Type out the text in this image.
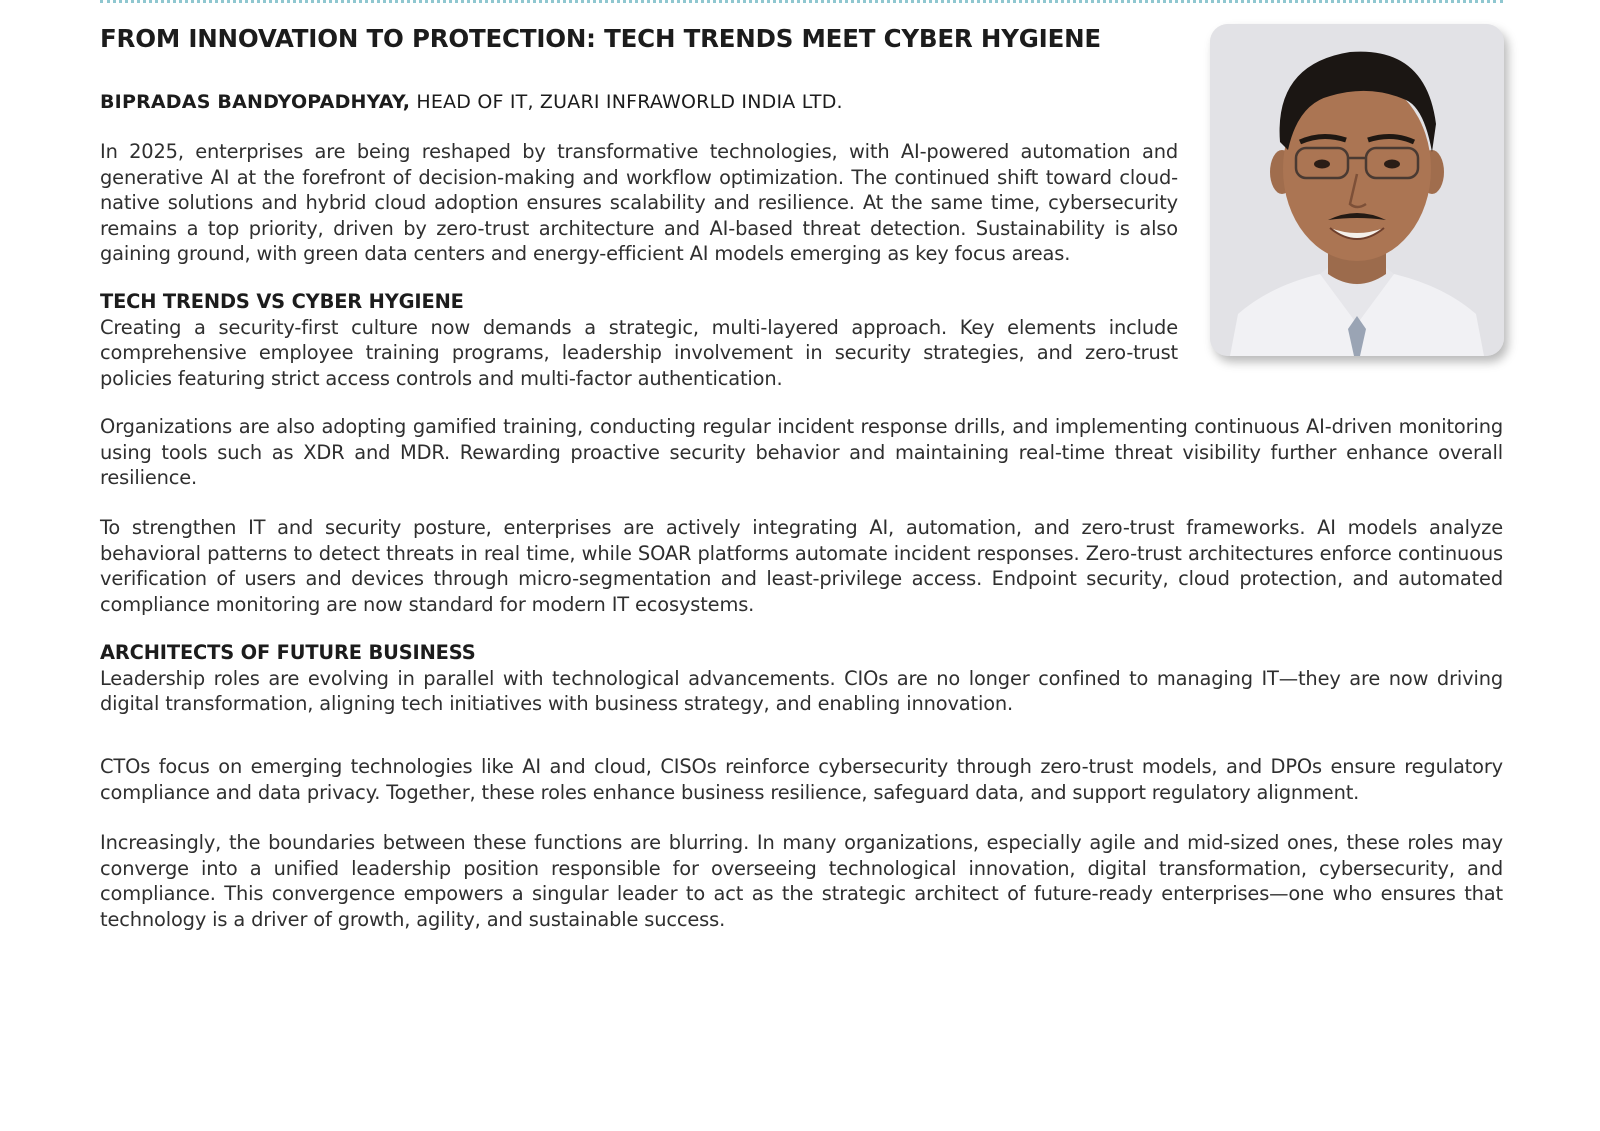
FROM INNOVATION TO PROTECTION: TECH TRENDS MEET CYBER HYGIENE

BIPRADAS BANDYOPADHYAY, HEAD OF IT, ZUARI INFRAWORLD INDIA LTD.

In 2025, enterprises are being reshaped by transformative technologies, with AI-powered automation and generative AI at the forefront of decision-making and workflow optimization. The continued shift toward cloud-native solutions and hybrid cloud adoption ensures scalability and resilience. At the same time, cybersecurity remains a top priority, driven by zero-trust architecture and AI-based threat detection. Sustainability is also gaining ground, with green data centers and energy-efficient AI models emerging as key focus areas.

TECH TRENDS VS CYBER HYGIENE
Creating a security-first culture now demands a strategic, multi-layered approach. Key elements include comprehensive employee training programs, leadership involvement in security strategies, and zero-trust policies featuring strict access controls and multi-factor authentication.

Organizations are also adopting gamified training, conducting regular incident response drills, and implementing continuous AI-driven monitoring using tools such as XDR and MDR. Rewarding proactive security behavior and maintaining real-time threat visibility further enhance overall resilience.

To strengthen IT and security posture, enterprises are actively integrating AI, automation, and zero-trust frameworks. AI models analyze behavioral patterns to detect threats in real time, while SOAR platforms automate incident responses. Zero-trust architectures enforce continuous verification of users and devices through micro-segmentation and least-privilege access. Endpoint security, cloud protection, and automated compliance monitoring are now standard for modern IT ecosystems.

ARCHITECTS OF FUTURE BUSINESS
Leadership roles are evolving in parallel with technological advancements. CIOs are no longer confined to managing IT—they are now driving digital transformation, aligning tech initiatives with business strategy, and enabling innovation.

CTOs focus on emerging technologies like AI and cloud, CISOs reinforce cybersecurity through zero-trust models, and DPOs ensure regulatory compliance and data privacy. Together, these roles enhance business resilience, safeguard data, and support regulatory alignment.

Increasingly, the boundaries between these functions are blurring. In many organizations, especially agile and mid-sized ones, these roles may converge into a unified leadership position responsible for overseeing technological innovation, digital transformation, cybersecurity, and compliance. This convergence empowers a singular leader to act as the strategic architect of future-ready enterprises—one who ensures that technology is a driver of growth, agility, and sustainable success.
